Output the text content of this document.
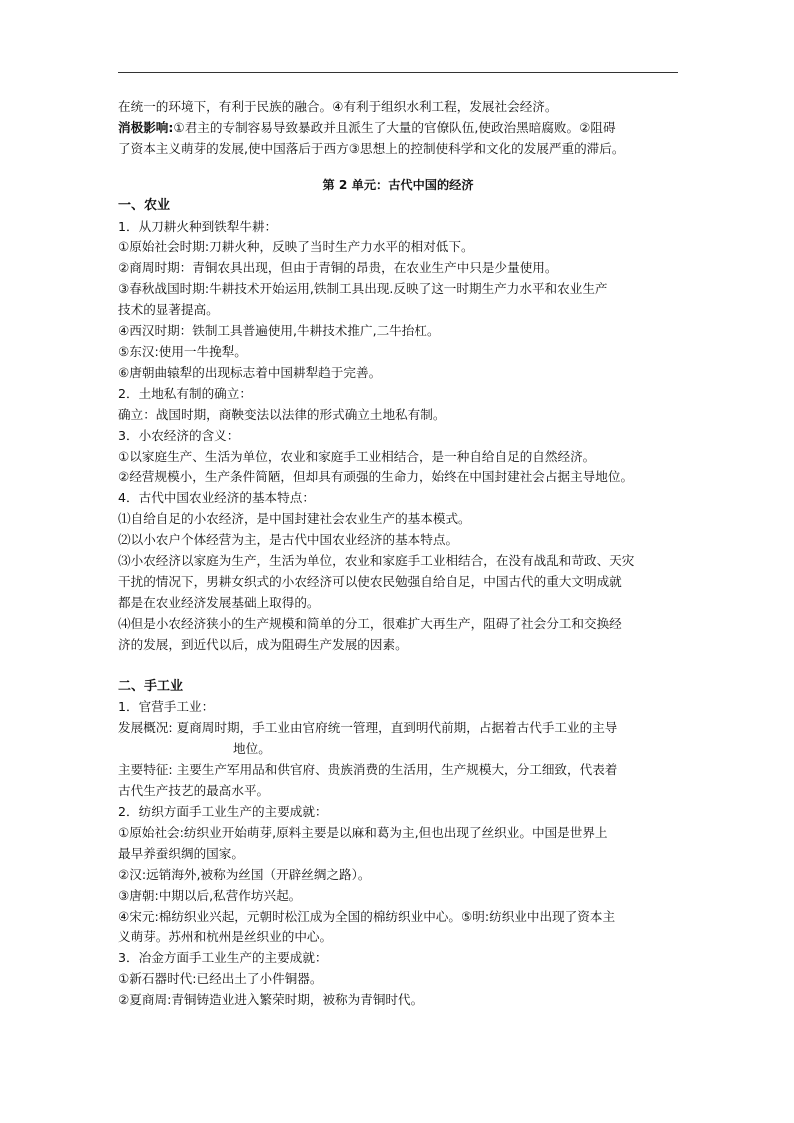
在统一的环境下，有利于民族的融合。④有利于组织水利工程，发展社会经济。
消极影响:①君主的专制容易导致暴政并且派生了大量的官僚队伍,使政治黑暗腐败。②阻碍
了资本主义萌芽的发展,使中国落后于西方③思想上的控制使科学和文化的发展严重的滞后。
第 2 单元：古代中国的经济
一、农业
1．从刀耕火种到铁犁牛耕：
①原始社会时期:刀耕火种，反映了当时生产力水平的相对低下。
②商周时期：青铜农具出现，但由于青铜的昂贵，在农业生产中只是少量使用。
③春秋战国时期:牛耕技术开始运用,铁制工具出现.反映了这一时期生产力水平和农业生产
技术的显著提高。
④西汉时期：铁制工具普遍使用,牛耕技术推广,二牛抬杠。
⑤东汉:使用一牛挽犁。
⑥唐朝曲辕犁的出现标志着中国耕犁趋于完善。
2．土地私有制的确立：
确立：战国时期，商鞅变法以法律的形式确立土地私有制。
3．小农经济的含义：
①以家庭生产、生活为单位，农业和家庭手工业相结合，是一种自给自足的自然经济。
②经营规模小，生产条件简陋，但却具有顽强的生命力，始终在中国封建社会占据主导地位。
4．古代中国农业经济的基本特点：
⑴自给自足的小农经济，是中国封建社会农业生产的基本模式。
⑵以小农户个体经营为主，是古代中国农业经济的基本特点。
⑶小农经济以家庭为生产，生活为单位，农业和家庭手工业相结合，在没有战乱和苛政、天灾
干扰的情况下，男耕女织式的小农经济可以使农民勉强自给自足，中国古代的重大文明成就
都是在农业经济发展基础上取得的。
⑷但是小农经济狭小的生产规模和简单的分工，很难扩大再生产，阻碍了社会分工和交换经
济的发展，到近代以后，成为阻碍生产发展的因素。
二、手工业
1．官营手工业：
发展概况: 夏商周时期，手工业由官府统一管理，直到明代前期，占据着古代手工业的主导
地位。
主要特征: 主要生产军用品和供官府、贵族消费的生活用，生产规模大，分工细致，代表着
古代生产技艺的最高水平。
2．纺织方面手工业生产的主要成就：
①原始社会:纺织业开始萌芽,原料主要是以麻和葛为主,但也出现了丝织业。中国是世界上
最早养蚕织绸的国家。
②汉:远销海外,被称为丝国（开辟丝绸之路）。
③唐朝:中期以后,私营作坊兴起。
④宋元:棉纺织业兴起，元朝时松江成为全国的棉纺织业中心。⑤明:纺织业中出现了资本主
义萌芽。苏州和杭州是丝织业的中心。
3．冶金方面手工业生产的主要成就：
①新石器时代:已经出土了小件铜器。
②夏商周:青铜铸造业进入繁荣时期，被称为青铜时代。
